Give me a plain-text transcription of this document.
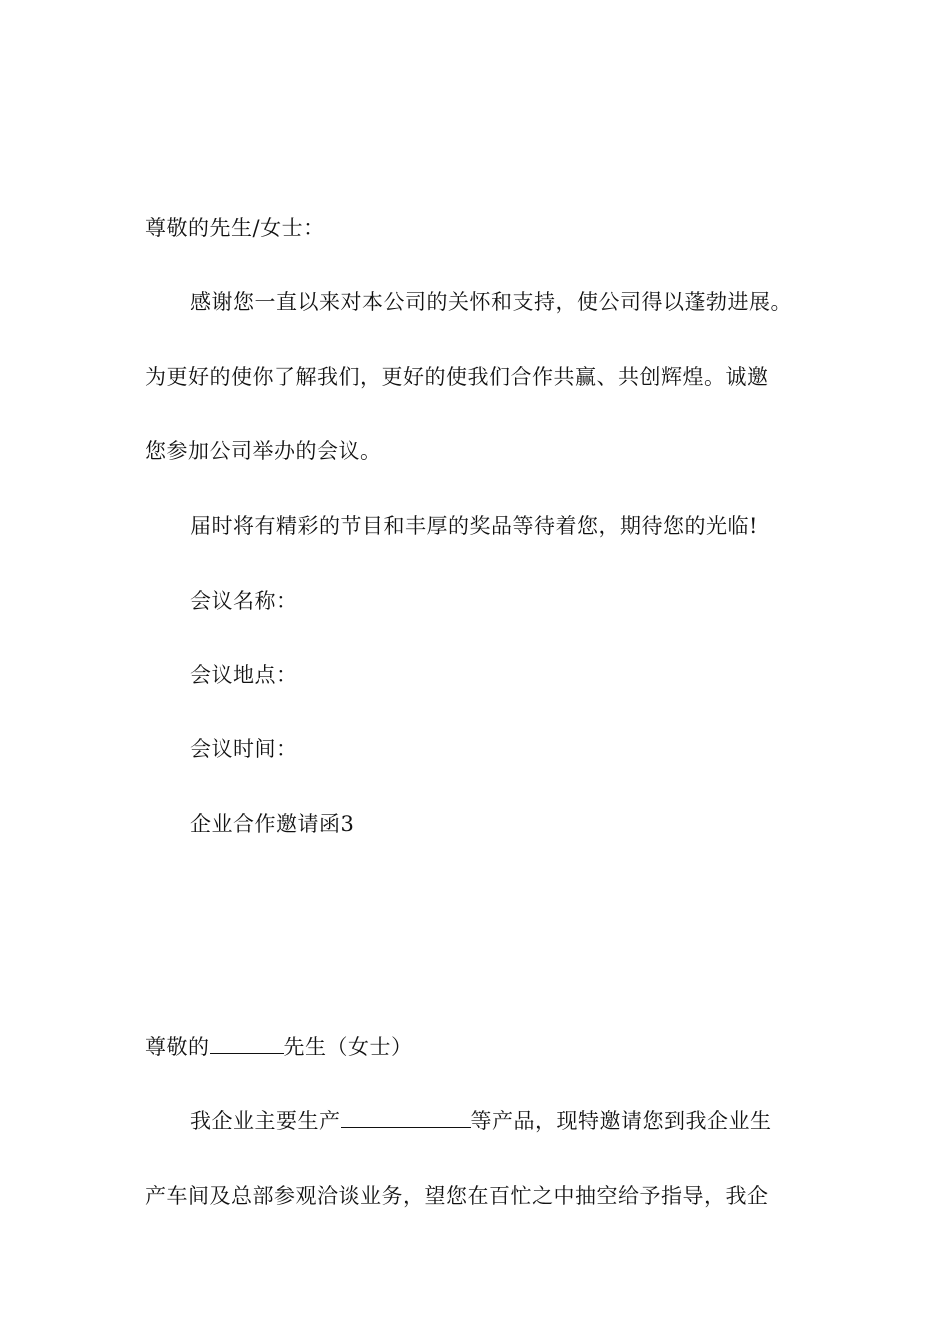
尊敬的先生/女士：
感谢您一直以来对本公司的关怀和支持，使公司得以蓬勃进展。
为更好的使你了解我们，更好的使我们合作共赢、共创辉煌。诚邀
您参加公司举办的会议。
届时将有精彩的节目和丰厚的奖品等待着您，期待您的光临!
会议名称：
会议地点：
会议时间：
企业合作邀请函3
尊敬的	先生（女士）
我企业主要生产	等产品，现特邀请您到我企业生
产车间及总部参观洽谈业务，望您在百忙之中抽空给予指导，我企
